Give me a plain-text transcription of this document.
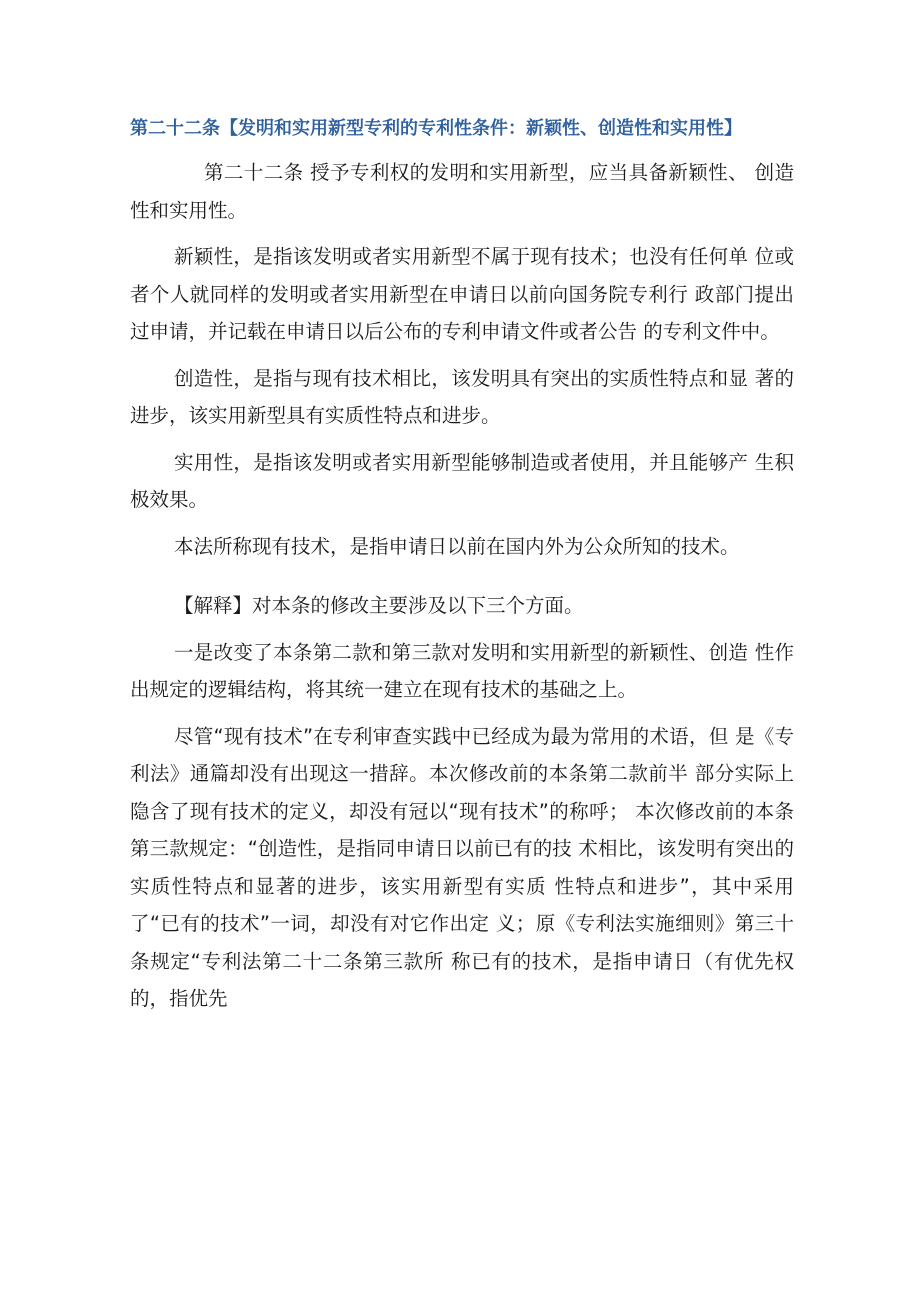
第二十二条【发明和实用新型专利的专利性条件：新颖性、创造性和实用性】

第二十二条 授予专利权的发明和实用新型，应当具备新颖性、 创造性和实用性。

新颖性，是指该发明或者实用新型不属于现有技术；也没有任何单 位或者个人就同样的发明或者实用新型在申请日以前向国务院专利行 政部门提出过申请，并记载在申请日以后公布的专利申请文件或者公告 的专利文件中。

创造性，是指与现有技术相比，该发明具有突出的实质性特点和显 著的进步，该实用新型具有实质性特点和进步。

实用性，是指该发明或者实用新型能够制造或者使用，并且能够产 生积极效果。

本法所称现有技术，是指申请日以前在国内外为公众所知的技术。

【解释】对本条的修改主要涉及以下三个方面。

一是改变了本条第二款和第三款对发明和实用新型的新颖性、创造 性作出规定的逻辑结构，将其统一建立在现有技术的基础之上。

尽管“现有技术”在专利审查实践中已经成为最为常用的术语，但 是《专利法》通篇却没有出现这一措辞。本次修改前的本条第二款前半 部分实际上隐含了现有技术的定义，却没有冠以“现有技术”的称呼； 本次修改前的本条第三款规定：“创造性，是指同申请日以前已有的技 术相比，该发明有突出的实质性特点和显著的进步，该实用新型有实质 性特点和进步”，其中采用了“已有的技术”一词，却没有对它作出定 义；原《专利法实施细则》第三十条规定“专利法第二十二条第三款所 称已有的技术，是指申请日（有优先权的，指优先
